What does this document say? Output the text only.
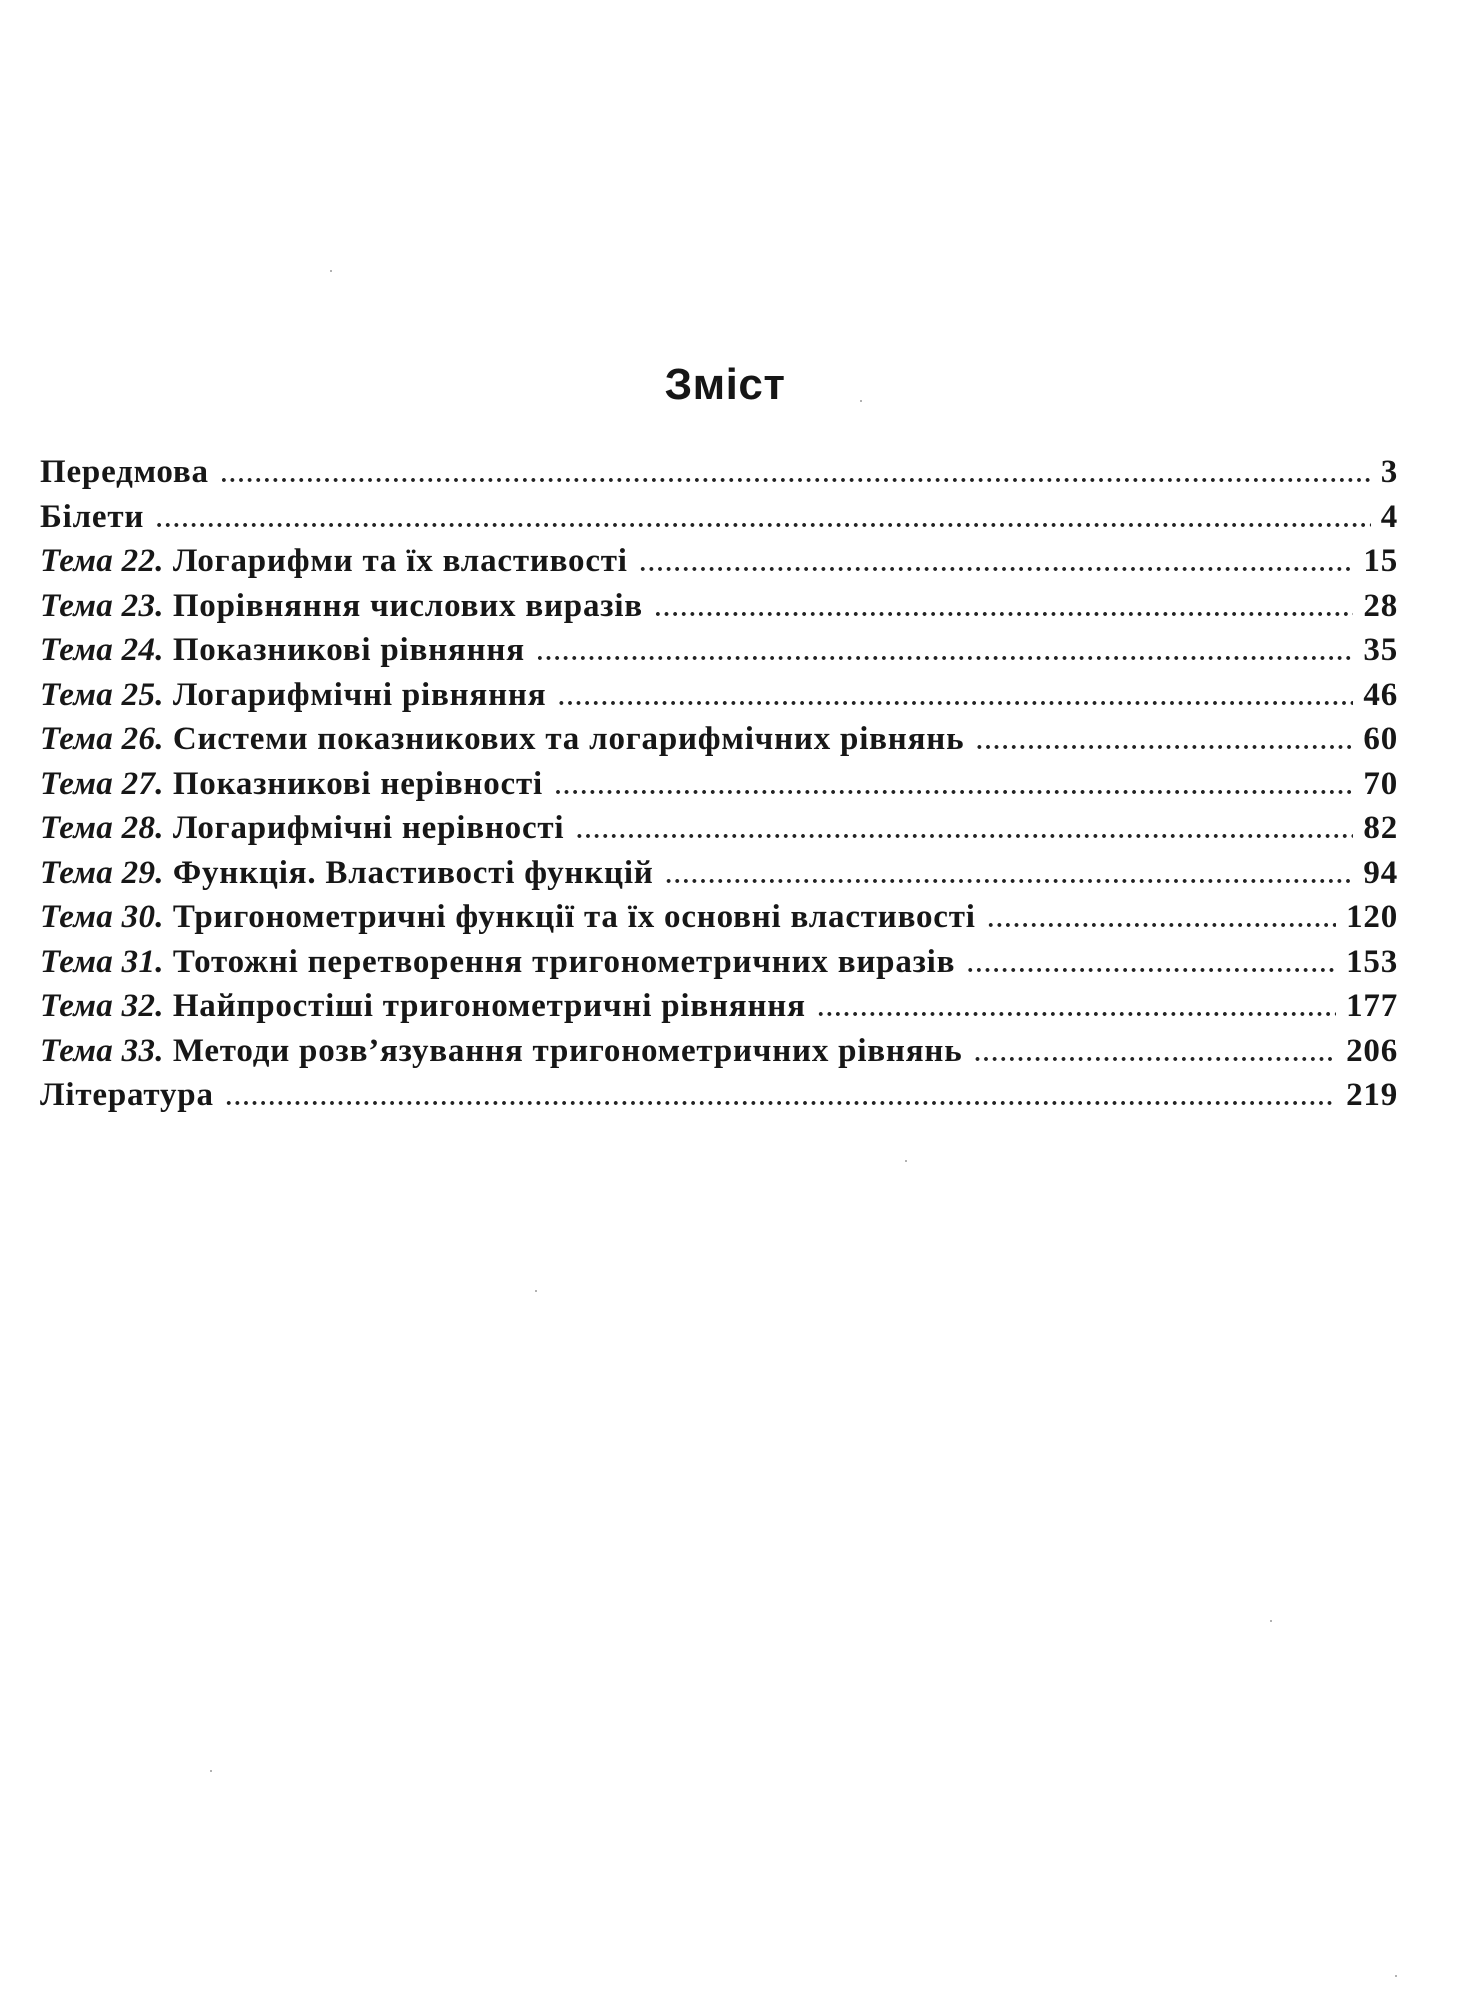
Зміст
Передмова .....	3
Білети .....	4
Тема 22. Логарифми та їх властивості .....	15
Тема 23. Порівняння числових виразів .....	28
Тема 24. Показникові рівняння .....	35
Тема 25. Логарифмічні рівняння .....	46
Тема 26. Системи показникових та логарифмічних рівнянь .....	60
Тема 27. Показникові нерівності .....	70
Тема 28. Логарифмічні нерівності .....	82
Тема 29. Функція. Властивості функцій .....	94
Тема 30. Тригонометричні функції та їх основні властивості .....	120
Тема 31. Тотожні перетворення тригонометричних виразів .....	153
Тема 32. Найпростіші тригонометричні рівняння .....	177
Тема 33. Методи розв’язування тригонометричних рівнянь .....	206
Література .....	219
